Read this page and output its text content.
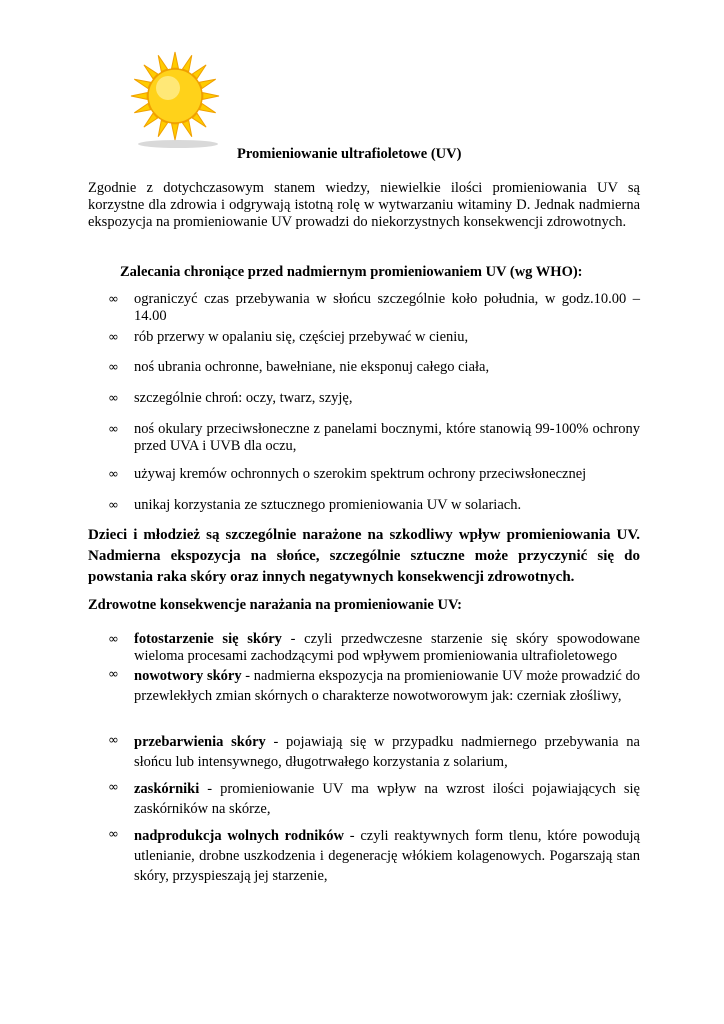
Promieniowanie ultrafioletowe (UV)
Zgodnie z dotychczasowym stanem wiedzy, niewielkie ilości promieniowania UV są korzystne dla zdrowia i odgrywają istotną rolę w wytwarzaniu witaminy D. Jednak nadmierna ekspozycja na promieniowanie UV prowadzi do niekorzystnych konsekwencji zdrowotnych.
Zalecania chroniące przed nadmiernym promieniowaniem UV (wg WHO):
∞	ograniczyć czas przebywania w słońcu szczególnie koło południa, w godz.10.00 – 14.00
∞	rób przerwy w opalaniu się, częściej przebywać w cieniu,
∞	noś ubrania ochronne, bawełniane, nie eksponuj całego ciała,
∞	szczególnie chroń: oczy, twarz, szyję,
∞	noś okulary przeciwsłoneczne z panelami bocznymi, które stanowią 99-100% ochrony przed UVA i UVB dla oczu,
∞	używaj kremów ochronnych o szerokim spektrum ochrony przeciwsłonecznej
∞	unikaj korzystania ze sztucznego promieniowania UV w solariach.
Dzieci i młodzież są szczególnie narażone na szkodliwy wpływ promieniowania UV. Nadmierna ekspozycja na słońce, szczególnie sztuczne może przyczynić się do powstania raka skóry oraz innych negatywnych konsekwencji zdrowotnych.
Zdrowotne konsekwencje narażania na promieniowanie UV:
∞	fotostarzenie się skóry - czyli przedwczesne starzenie się skóry spowodowane wieloma procesami zachodzącymi pod wpływem promieniowania ultrafioletowego
∞	nowotwory skóry - nadmierna ekspozycja na promieniowanie UV może prowadzić do przewlekłych zmian skórnych o charakterze nowotworowym jak: czerniak złośliwy,
∞	przebarwienia skóry - pojawiają się w przypadku nadmiernego przebywania na słońcu lub intensywnego, długotrwałego korzystania z solarium,
∞	zaskórniki - promieniowanie UV ma wpływ na wzrost ilości pojawiających się zaskórników na skórze,
∞	nadprodukcja wolnych rodników - czyli reaktywnych form tlenu, które powodują utlenianie, drobne uszkodzenia i degenerację włókiem kolagenowych. Pogarszają stan skóry, przyspieszają jej starzenie,
